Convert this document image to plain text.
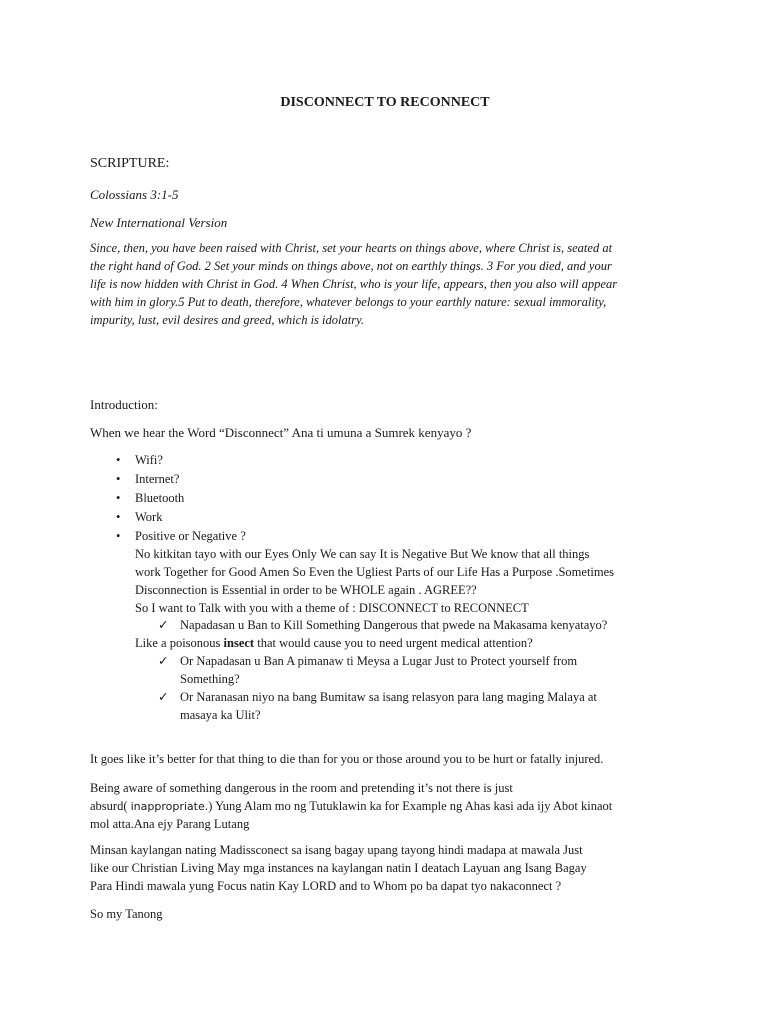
DISCONNECT TO RECONNECT
SCRIPTURE:
Colossians 3:1-5
New International Version
Since, then, you have been raised with Christ, set your hearts on things above, where Christ is, seated at
the right hand of God. 2 Set your minds on things above, not on earthly things. 3 For you died, and your
life is now hidden with Christ in God. 4 When Christ, who is your life, appears, then you also will appear
with him in glory.5 Put to death, therefore, whatever belongs to your earthly nature: sexual immorality,
impurity, lust, evil desires and greed, which is idolatry.
Introduction:
When we hear the Word “Disconnect” Ana ti umuna a Sumrek kenyayo ?
• Wifi?
• Internet?
• Bluetooth
• Work
• Positive or Negative ?
No kitkitan tayo with our Eyes Only We can say It is Negative But We know that all things
work Together for Good Amen So Even the Ugliest Parts of our Life Has a Purpose .Sometimes
Disconnection is Essential in order to be WHOLE again . AGREE??
So I want to Talk with you with a theme of : DISCONNECT to RECONNECT
✓ Napadasan u Ban to Kill Something Dangerous that pwede na Makasama kenyatayo?
Like a poisonous insect that would cause you to need urgent medical attention?
✓ Or Napadasan u Ban A pimanaw ti Meysa a Lugar Just to Protect yourself from
Something?
✓ Or Naranasan niyo na bang Bumitaw sa isang relasyon para lang maging Malaya at
masaya ka Ulit?
It goes like it’s better for that thing to die than for you or those around you to be hurt or fatally injured.
Being aware of something dangerous in the room and pretending it’s not there is just
absurd( inappropriate.) Yung Alam mo ng Tutuklawin ka for Example ng Ahas kasi ada ijy Abot kinaot
mol atta.Ana ejy Parang Lutang
Minsan kaylangan nating Madissconect sa isang bagay upang tayong hindi madapa at mawala Just
like our Christian Living May mga instances na kaylangan natin I deatach Layuan ang Isang Bagay
Para Hindi mawala yung Focus natin Kay LORD and to Whom po ba dapat tyo nakaconnect ?
So my Tanong
